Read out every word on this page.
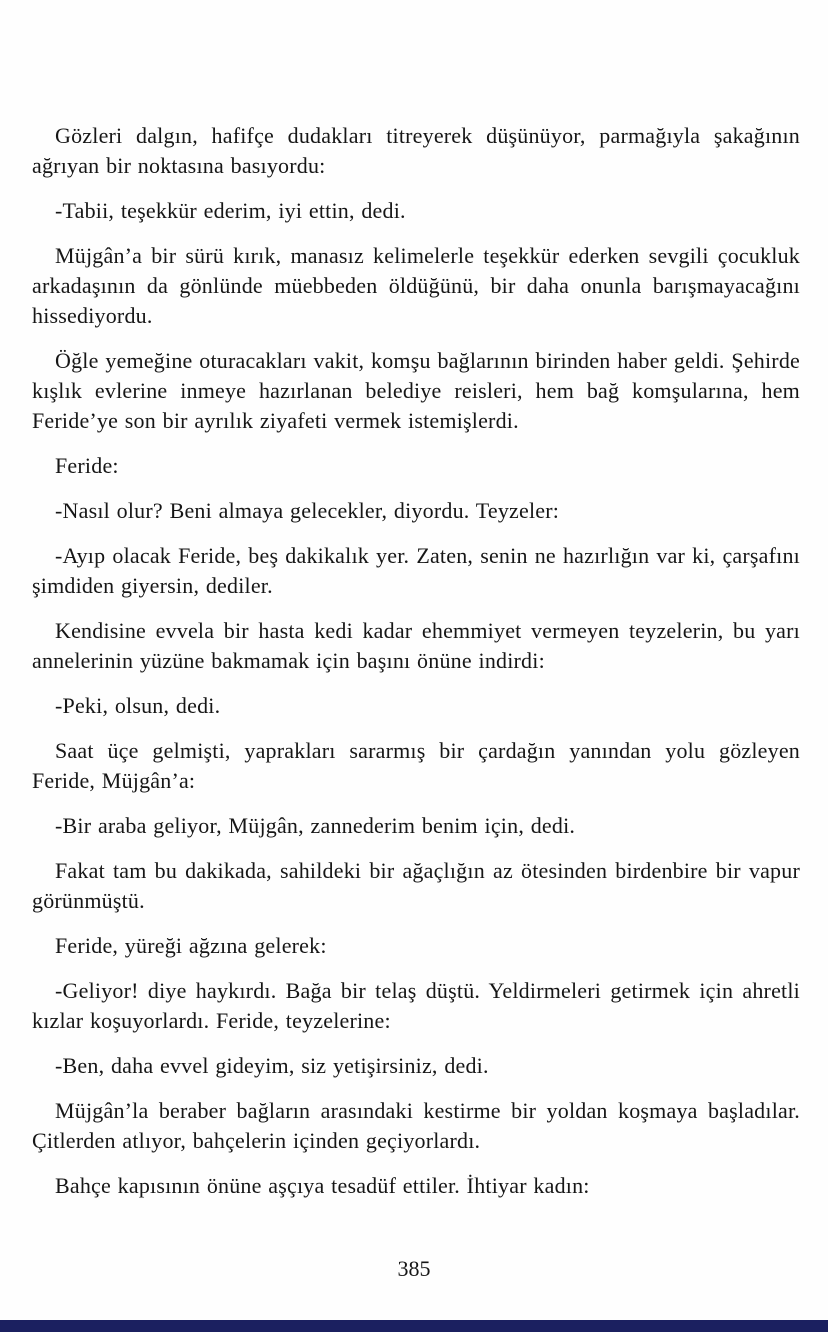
Gözleri dalgın, hafifçe dudakları titreyerek düşünüyor, parmağıyla şakağının ağrıyan bir noktasına basıyordu:

-Tabii, teşekkür ederim, iyi ettin, dedi.

Müjgân’a bir sürü kırık, manasız kelimelerle teşekkür ederken sevgili çocukluk arkadaşının da gönlünde müebbeden öldüğünü, bir daha onunla barışmayacağını hissediyordu.

Öğle yemeğine oturacakları vakit, komşu bağlarının birinden haber geldi. Şehirde kışlık evlerine inmeye hazırlanan belediye reisleri, hem bağ komşularına, hem Feride’ye son bir ayrılık ziyafeti vermek istemişlerdi.

Feride:

-Nasıl olur? Beni almaya gelecekler, diyordu. Teyzeler:

-Ayıp olacak Feride, beş dakikalık yer. Zaten, senin ne hazırlığın var ki, çarşafını şimdiden giyersin, dediler.

Kendisine evvela bir hasta kedi kadar ehemmiyet vermeyen teyzelerin, bu yarı annelerinin yüzüne bakmamak için başını önüne indirdi:

-Peki, olsun, dedi.

Saat üçe gelmişti, yaprakları sararmış bir çardağın yanından yolu gözleyen Feride, Müjgân’a:

-Bir araba geliyor, Müjgân, zannederim benim için, dedi.

Fakat tam bu dakikada, sahildeki bir ağaçlığın az ötesinden birdenbire bir vapur görünmüştü.

Feride, yüreği ağzına gelerek:

-Geliyor! diye haykırdı. Bağa bir telaş düştü. Yeldirmeleri getirmek için ahretli kızlar koşuyorlardı. Feride, teyzelerine:

-Ben, daha evvel gideyim, siz yetişirsiniz, dedi.

Müjgân’la beraber bağların arasındaki kestirme bir yoldan koşmaya başladılar. Çitlerden atlıyor, bahçelerin içinden geçiyorlardı.

Bahçe kapısının önüne aşçıya tesadüf ettiler. İhtiyar kadın:

385
